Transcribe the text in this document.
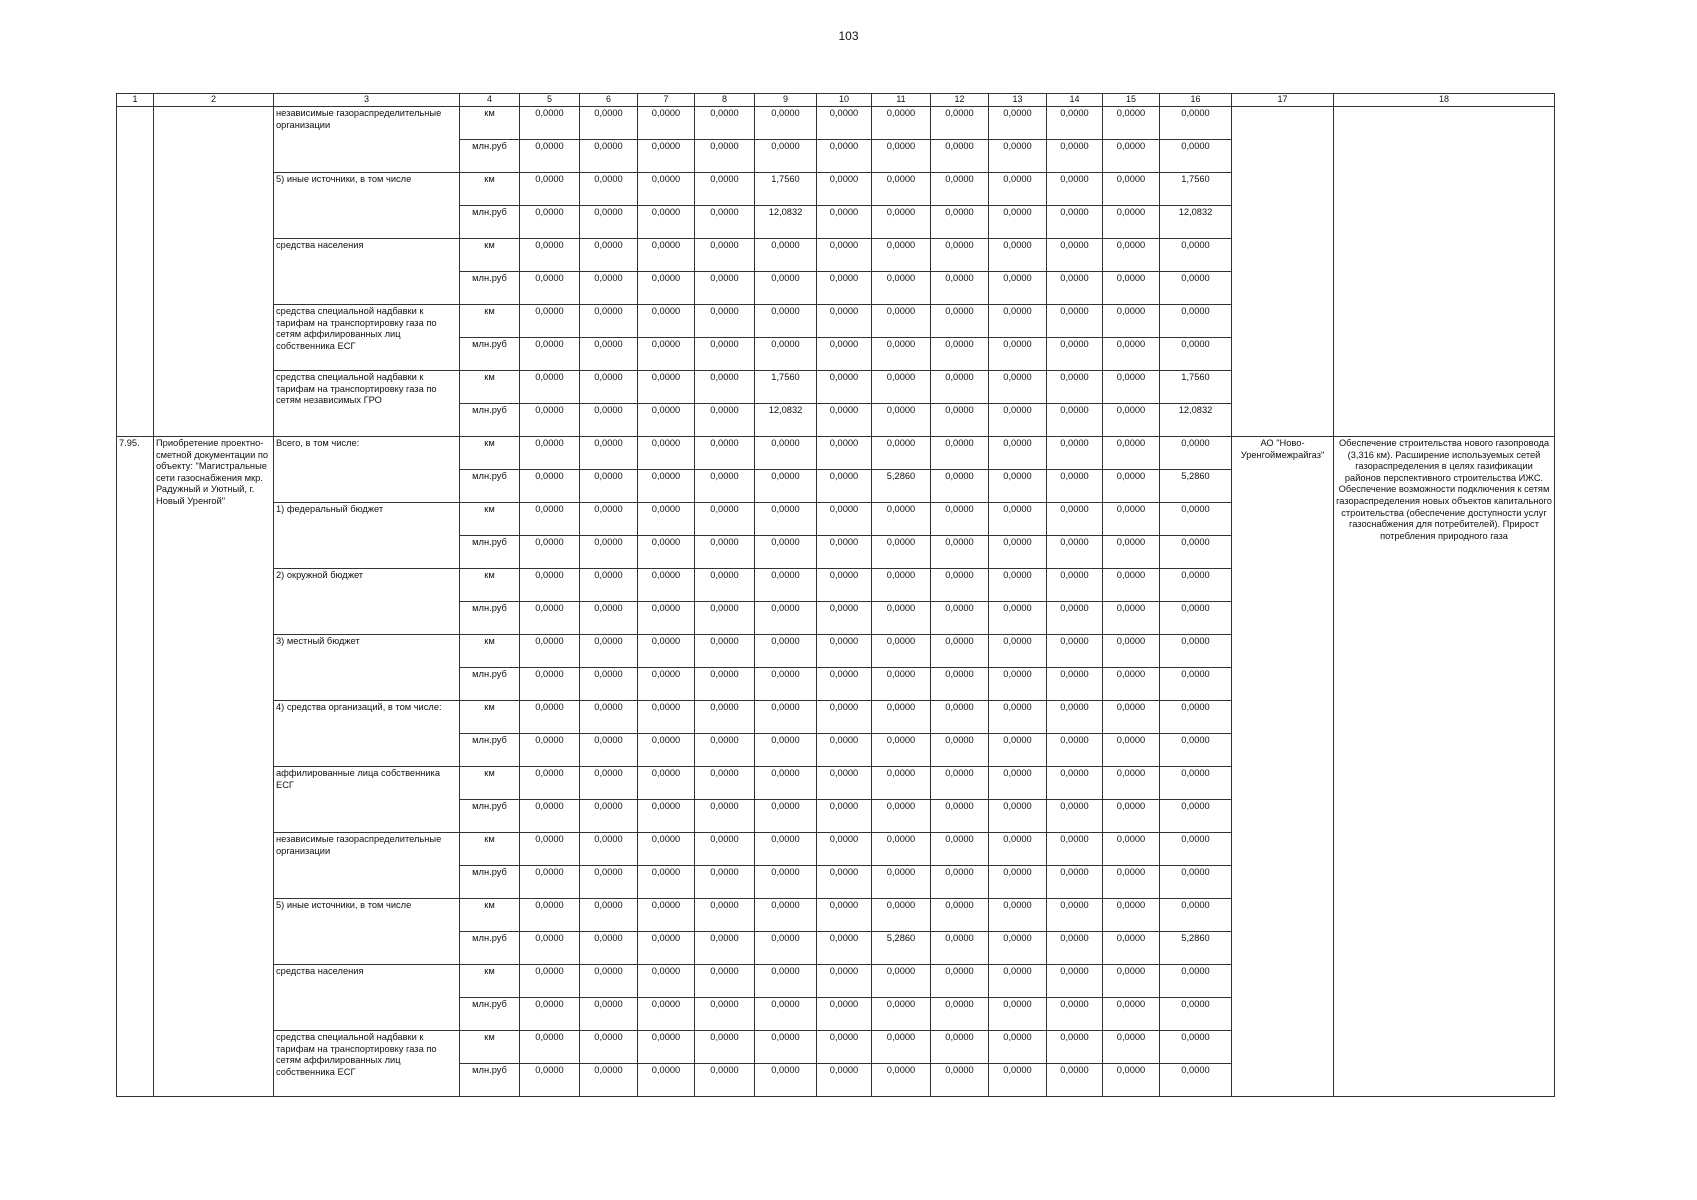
103
1	2	3	4	5	6	7	8	9	10	11	12	13	14	15	16	17	18
		независимые газораспределительные организации	км	0,0000	0,0000	0,0000	0,0000	0,0000	0,0000	0,0000	0,0000	0,0000	0,0000	0,0000	0,0000		
			млн.руб	0,0000	0,0000	0,0000	0,0000	0,0000	0,0000	0,0000	0,0000	0,0000	0,0000	0,0000	0,0000		
		5) иные источники, в том числе	км	0,0000	0,0000	0,0000	0,0000	1,7560	0,0000	0,0000	0,0000	0,0000	0,0000	0,0000	1,7560		
			млн.руб	0,0000	0,0000	0,0000	0,0000	12,0832	0,0000	0,0000	0,0000	0,0000	0,0000	0,0000	12,0832		
		средства населения	км	0,0000	0,0000	0,0000	0,0000	0,0000	0,0000	0,0000	0,0000	0,0000	0,0000	0,0000	0,0000		
			млн.руб	0,0000	0,0000	0,0000	0,0000	0,0000	0,0000	0,0000	0,0000	0,0000	0,0000	0,0000	0,0000		
		средства специальной надбавки к тарифам на транспортировку газа по сетям аффилированных лиц собственника ЕСГ	км	0,0000	0,0000	0,0000	0,0000	0,0000	0,0000	0,0000	0,0000	0,0000	0,0000	0,0000	0,0000		
			млн.руб	0,0000	0,0000	0,0000	0,0000	0,0000	0,0000	0,0000	0,0000	0,0000	0,0000	0,0000	0,0000		
		средства специальной надбавки к тарифам на транспортировку газа по сетям независимых ГРО	км	0,0000	0,0000	0,0000	0,0000	1,7560	0,0000	0,0000	0,0000	0,0000	0,0000	0,0000	1,7560		
			млн.руб	0,0000	0,0000	0,0000	0,0000	12,0832	0,0000	0,0000	0,0000	0,0000	0,0000	0,0000	12,0832		
7.95.	Приобретение проектно-сметной документации по объекту: "Магистральные сети газоснабжения мкр. Радужный и Уютный, г. Новый Уренгой"	Всего, в том числе:	км	0,0000	0,0000	0,0000	0,0000	0,0000	0,0000	0,0000	0,0000	0,0000	0,0000	0,0000	0,0000	АО "Ново-Уренгоймежрайгаз"	Обеспечение строительства нового газопровода (3,316 км). Расширение используемых сетей газораспределения в целях газификации районов перспективного строительства ИЖС. Обеспечение возможности подключения к сетям газораспределения новых объектов капитального строительства (обеспечение доступности услуг газоснабжения для потребителей). Прирост потребления природного газа
			млн.руб	0,0000	0,0000	0,0000	0,0000	0,0000	0,0000	5,2860	0,0000	0,0000	0,0000	0,0000	5,2860		
		1) федеральный бюджет	км	0,0000	0,0000	0,0000	0,0000	0,0000	0,0000	0,0000	0,0000	0,0000	0,0000	0,0000	0,0000		
			млн.руб	0,0000	0,0000	0,0000	0,0000	0,0000	0,0000	0,0000	0,0000	0,0000	0,0000	0,0000	0,0000		
		2) окружной бюджет	км	0,0000	0,0000	0,0000	0,0000	0,0000	0,0000	0,0000	0,0000	0,0000	0,0000	0,0000	0,0000		
			млн.руб	0,0000	0,0000	0,0000	0,0000	0,0000	0,0000	0,0000	0,0000	0,0000	0,0000	0,0000	0,0000		
		3) местный бюджет	км	0,0000	0,0000	0,0000	0,0000	0,0000	0,0000	0,0000	0,0000	0,0000	0,0000	0,0000	0,0000		
			млн.руб	0,0000	0,0000	0,0000	0,0000	0,0000	0,0000	0,0000	0,0000	0,0000	0,0000	0,0000	0,0000		
		4) средства организаций, в том числе:	км	0,0000	0,0000	0,0000	0,0000	0,0000	0,0000	0,0000	0,0000	0,0000	0,0000	0,0000	0,0000		
			млн.руб	0,0000	0,0000	0,0000	0,0000	0,0000	0,0000	0,0000	0,0000	0,0000	0,0000	0,0000	0,0000		
		аффилированные лица собственника ЕСГ	км	0,0000	0,0000	0,0000	0,0000	0,0000	0,0000	0,0000	0,0000	0,0000	0,0000	0,0000	0,0000		
			млн.руб	0,0000	0,0000	0,0000	0,0000	0,0000	0,0000	0,0000	0,0000	0,0000	0,0000	0,0000	0,0000		
		независимые газораспределительные организации	км	0,0000	0,0000	0,0000	0,0000	0,0000	0,0000	0,0000	0,0000	0,0000	0,0000	0,0000	0,0000		
			млн.руб	0,0000	0,0000	0,0000	0,0000	0,0000	0,0000	0,0000	0,0000	0,0000	0,0000	0,0000	0,0000		
		5) иные источники, в том числе	км	0,0000	0,0000	0,0000	0,0000	0,0000	0,0000	0,0000	0,0000	0,0000	0,0000	0,0000	0,0000		
			млн.руб	0,0000	0,0000	0,0000	0,0000	0,0000	0,0000	5,2860	0,0000	0,0000	0,0000	0,0000	5,2860		
		средства населения	км	0,0000	0,0000	0,0000	0,0000	0,0000	0,0000	0,0000	0,0000	0,0000	0,0000	0,0000	0,0000		
			млн.руб	0,0000	0,0000	0,0000	0,0000	0,0000	0,0000	0,0000	0,0000	0,0000	0,0000	0,0000	0,0000		
		средства специальной надбавки к тарифам на транспортировку газа по сетям аффилированных лиц собственника ЕСГ	км	0,0000	0,0000	0,0000	0,0000	0,0000	0,0000	0,0000	0,0000	0,0000	0,0000	0,0000	0,0000		
			млн.руб	0,0000	0,0000	0,0000	0,0000	0,0000	0,0000	0,0000	0,0000	0,0000	0,0000	0,0000	0,0000		
